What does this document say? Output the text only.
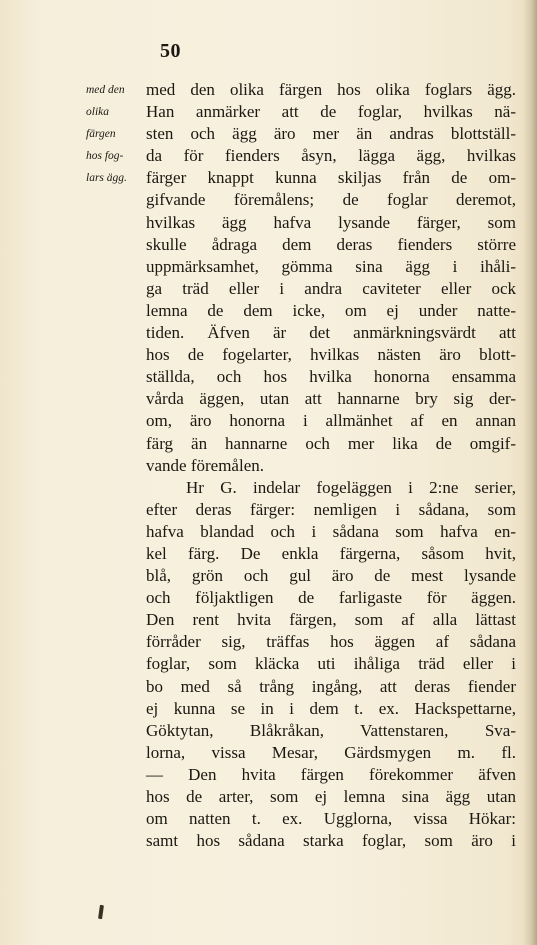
50
med den
olika
färgen
hos fog-
lars ägg.
med den olika färgen hos olika foglars ägg.
Han anmärker att de foglar, hvilkas nä-
sten och ägg äro mer än andras blottställ-
da för fienders åsyn, lägga ägg, hvilkas
färger knappt kunna skiljas från de om-
gifvande föremålens; de foglar deremot,
hvilkas ägg hafva lysande färger, som
skulle ådraga dem deras fienders större
uppmärksamhet, gömma sina ägg i ihåli-
ga träd eller i andra caviteter eller ock
lemna de dem icke, om ej under natte-
tiden. Äfven är det anmärkningsvärdt att
hos de fogelarter, hvilkas nästen äro blott-
ställda, och hos hvilka honorna ensamma
vårda äggen, utan att hannarne bry sig der-
om, äro honorna i allmänhet af en annan
färg än hannarne och mer lika de omgif-
vande föremålen.
Hr G. indelar fogeläggen i 2:ne serier,
efter deras färger: nemligen i sådana, som
hafva blandad och i sådana som hafva en-
kel färg. De enkla färgerna, såsom hvit,
blå, grön och gul äro de mest lysande
och följaktligen de farligaste för äggen.
Den rent hvita färgen, som af alla lättast
förråder sig, träffas hos äggen af sådana
foglar, som kläcka uti ihåliga träd eller i
bo med så trång ingång, att deras fiender
ej kunna se in i dem t. ex. Hackspettarne,
Göktytan, Blåkråkan, Vattenstaren, Sva-
lorna, vissa Mesar, Gärdsmygen m. fl.
— Den hvita färgen förekommer äfven
hos de arter, som ej lemna sina ägg utan
om natten t. ex. Ugglorna, vissa Hökar:
samt hos sådana starka foglar, som äro i
